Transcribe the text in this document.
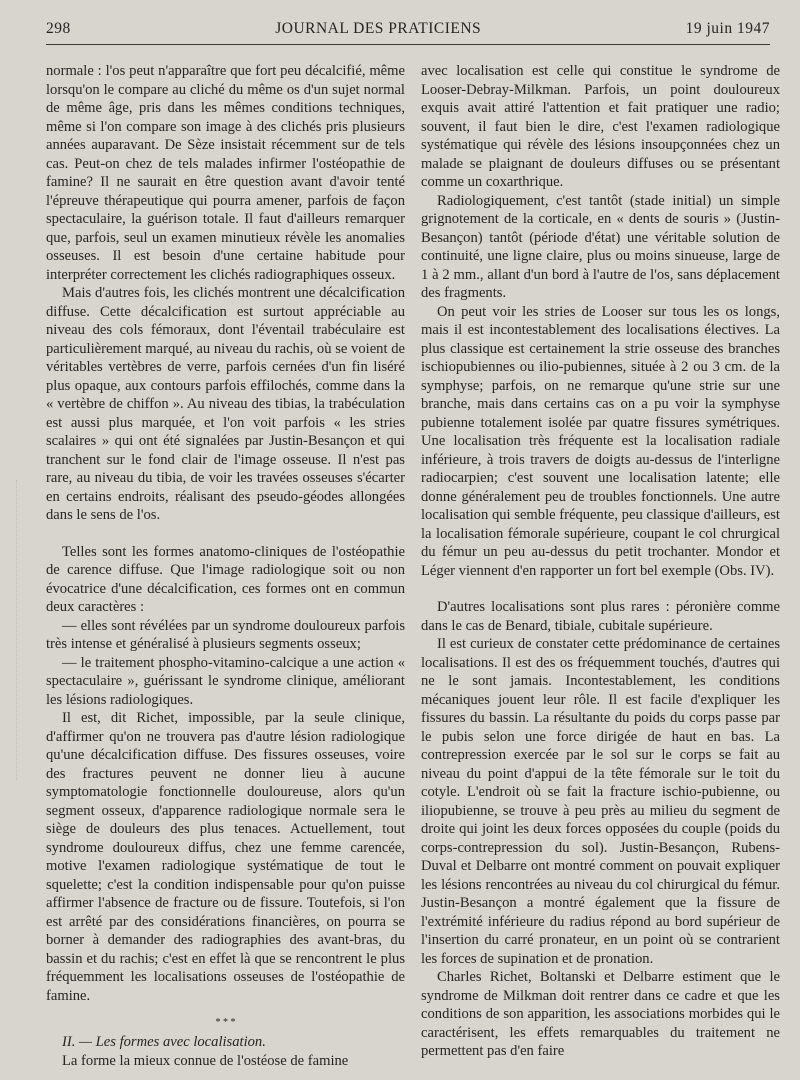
298	JOURNAL DES PRATICIENS	19 juin 1947

normale : l'os peut n'apparaître que fort peu décalcifié, même lorsqu'on le compare au cliché du même os d'un sujet normal de même âge, pris dans les mêmes conditions techniques, même si l'on compare son image à des clichés pris plusieurs années auparavant. De Sèze insistait récemment sur de tels cas. Peut-on chez de tels malades infirmer l'ostéopathie de famine? Il ne saurait en être question avant d'avoir tenté l'épreuve thérapeutique qui pourra amener, parfois de façon spectaculaire, la guérison totale. Il faut d'ailleurs remarquer que, parfois, seul un examen minutieux révèle les anomalies osseuses. Il est besoin d'une certaine habitude pour interpréter correctement les clichés radiographiques osseux.

Mais d'autres fois, les clichés montrent une décalcification diffuse. Cette décalcification est surtout appréciable au niveau des cols fémoraux, dont l'éventail trabéculaire est particulièrement marqué, au niveau du rachis, où se voient de véritables vertèbres de verre, parfois cernées d'un fin liséré plus opaque, aux contours parfois effilochés, comme dans la « vertèbre de chiffon ». Au niveau des tibias, la trabéculation est aussi plus marquée, et l'on voit parfois « les stries scalaires » qui ont été signalées par Justin-Besançon et qui tranchent sur le fond clair de l'image osseuse. Il n'est pas rare, au niveau du tibia, de voir les travées osseuses s'écarter en certains endroits, réalisant des pseudo-géodes allongées dans le sens de l'os.

Telles sont les formes anatomo-cliniques de l'ostéopathie de carence diffuse. Que l'image radiologique soit ou non évocatrice d'une décalcification, ces formes ont en commun deux caractères :

— elles sont révélées par un syndrome douloureux parfois très intense et généralisé à plusieurs segments osseux;

— le traitement phospho-vitamino-calcique a une action « spectaculaire », guérissant le syndrome clinique, améliorant les lésions radiologiques.

Il est, dit Richet, impossible, par la seule clinique, d'affirmer qu'on ne trouvera pas d'autre lésion radiologique qu'une décalcification diffuse. Des fissures osseuses, voire des fractures peuvent ne donner lieu à aucune symptomatologie fonctionnelle douloureuse, alors qu'un segment osseux, d'apparence radiologique normale sera le siège de douleurs des plus tenaces. Actuellement, tout syndrome douloureux diffus, chez une femme carencée, motive l'examen radiologique systématique de tout le squelette; c'est la condition indispensable pour qu'on puisse affirmer l'absence de fracture ou de fissure. Toutefois, si l'on est arrêté par des considérations financières, on pourra se borner à demander des radiographies des avant-bras, du bassin et du rachis; c'est en effet là que se rencontrent le plus fréquemment les localisations osseuses de l'ostéopathie de famine.

* * *

II. — Les formes avec localisation.

La forme la mieux connue de l'ostéose de famine

avec localisation est celle qui constitue le syndrome de Looser-Debray-Milkman. Parfois, un point douloureux exquis avait attiré l'attention et fait pratiquer une radio; souvent, il faut bien le dire, c'est l'examen radiologique systématique qui révèle des lésions insoupçonnées chez un malade se plaignant de douleurs diffuses ou se présentant comme un coxarthrique.

Radiologiquement, c'est tantôt (stade initial) un simple grignotement de la corticale, en « dents de souris » (Justin-Besançon) tantôt (période d'état) une véritable solution de continuité, une ligne claire, plus ou moins sinueuse, large de 1 à 2 mm., allant d'un bord à l'autre de l'os, sans déplacement des fragments.

On peut voir les stries de Looser sur tous les os longs, mais il est incontestablement des localisations électives. La plus classique est certainement la strie osseuse des branches ischiopubiennes ou ilio-pubiennes, située à 2 ou 3 cm. de la symphyse; parfois, on ne remarque qu'une strie sur une branche, mais dans certains cas on a pu voir la symphyse pubienne totalement isolée par quatre fissures symétriques. Une localisation très fréquente est la localisation radiale inférieure, à trois travers de doigts au-dessus de l'interligne radiocarpien; c'est souvent une localisation latente; elle donne généralement peu de troubles fonctionnels. Une autre localisation qui semble fréquente, peu classique d'ailleurs, est la localisation fémorale supérieure, coupant le col chrurgical du fémur un peu au-dessus du petit trochanter. Mondor et Léger viennent d'en rapporter un fort bel exemple (Obs. IV).

D'autres localisations sont plus rares : péronière comme dans le cas de Benard, tibiale, cubitale supérieure.

Il est curieux de constater cette prédominance de certaines localisations. Il est des os fréquemment touchés, d'autres qui ne le sont jamais. Incontestablement, les conditions mécaniques jouent leur rôle. Il est facile d'expliquer les fissures du bassin. La résultante du poids du corps passe par le pubis selon une force dirigée de haut en bas. La contrepression exercée par le sol sur le corps se fait au niveau du point d'appui de la tête fémorale sur le toit du cotyle. L'endroit où se fait la fracture ischio-pubienne, ou iliopubienne, se trouve à peu près au milieu du segment de droite qui joint les deux forces opposées du couple (poids du corps-contrepression du sol). Justin-Besançon, Rubens-Duval et Delbarre ont montré comment on pouvait expliquer les lésions rencontrées au niveau du col chirurgical du fémur. Justin-Besançon a montré également que la fissure de l'extrémité inférieure du radius répond au bord supérieur de l'insertion du carré pronateur, en un point où se contrarient les forces de supination et de pronation.

Charles Richet, Boltanski et Delbarre estiment que le syndrome de Milkman doit rentrer dans ce cadre et que les conditions de son apparition, les associations morbides qui le caractérisent, les effets remarquables du traitement ne permettent pas d'en faire
